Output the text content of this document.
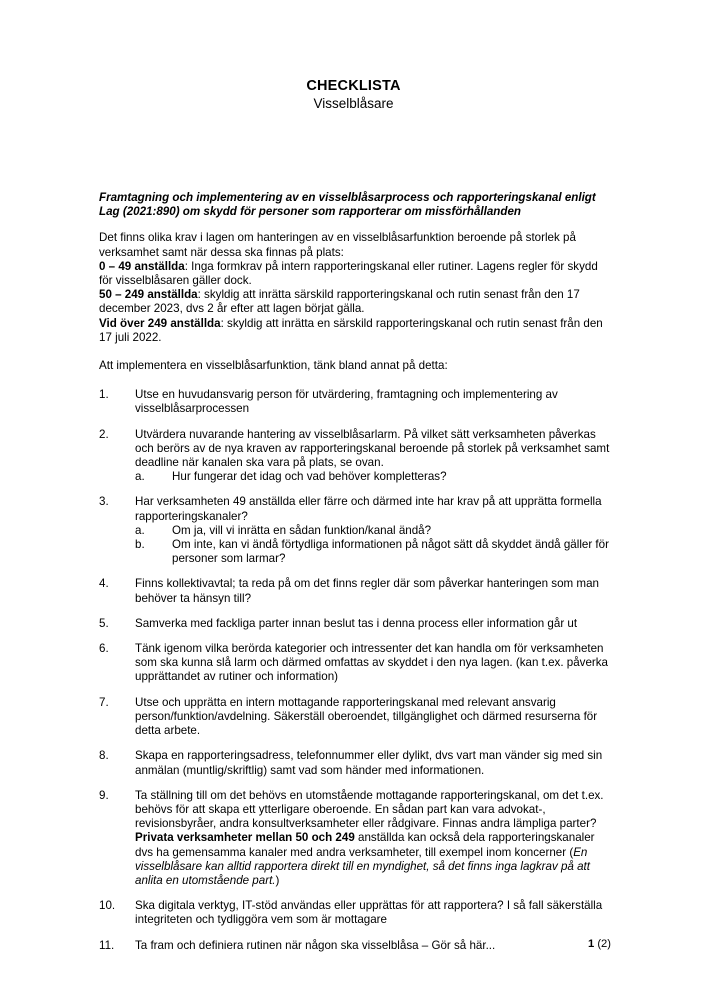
CHECKLISTA
Visselblåsare
Framtagning och implementering av en visselblåsarprocess och rapporteringskanal enligt Lag (2021:890) om skydd för personer som rapporterar om missförhållanden

Det finns olika krav i lagen om hanteringen av en visselblåsarfunktion beroende på storlek på verksamhet samt när dessa ska finnas på plats:

0 – 49 anställda: Inga formkrav på intern rapporteringskanal eller rutiner. Lagens regler för skydd för visselblåsaren gäller dock.

50 – 249 anställda: skyldig att inrätta särskild rapporteringskanal och rutin senast från den 17 december 2023, dvs 2 år efter att lagen börjat gälla.

Vid över 249 anställda: skyldig att inrätta en särskild rapporteringskanal och rutin senast från den 17 juli 2022.

Att implementera en visselblåsarfunktion, tänk bland annat på detta:

1.	Utse en huvudansvarig person för utvärdering, framtagning och implementering av visselblåsarprocessen
2.	Utvärdera nuvarande hantering av visselblåsarlarm. På vilket sätt verksamheten påverkas och berörs av de nya kraven av rapporteringskanal beroende på storlek på verksamhet samt deadline när kanalen ska vara på plats, se ovan.
a.	Hur fungerar det idag och vad behöver kompletteras?
3.	Har verksamheten 49 anställda eller färre och därmed inte har krav på att upprätta formella rapporteringskanaler?
a.	Om ja, vill vi inrätta en sådan funktion/kanal ändå?
b.	Om inte, kan vi ändå förtydliga informationen på något sätt då skyddet ändå gäller för personer som larmar?
4.	Finns kollektivavtal; ta reda på om det finns regler där som påverkar hanteringen som man behöver ta hänsyn till?
5.	Samverka med fackliga parter innan beslut tas i denna process eller information går ut
6.	Tänk igenom vilka berörda kategorier och intressenter det kan handla om för verksamheten som ska kunna slå larm och därmed omfattas av skyddet i den nya lagen. (kan t.ex. påverka upprättandet av rutiner och information)
7.	Utse och upprätta en intern mottagande rapporteringskanal med relevant ansvarig person/funktion/avdelning. Säkerställ oberoendet, tillgänglighet och därmed resurserna för detta arbete.
8.	Skapa en rapporteringsadress, telefonnummer eller dylikt, dvs vart man vänder sig med sin anmälan (muntlig/skriftlig) samt vad som händer med informationen.
9.	Ta ställning till om det behövs en utomstående mottagande rapporteringskanal, om det t.ex. behövs för att skapa ett ytterligare oberoende. En sådan part kan vara advokat-, revisionsbyråer, andra konsultverksamheter eller rådgivare. Finnas andra lämpliga parter? Privata verksamheter mellan 50 och 249 anställda kan också dela rapporteringskanaler dvs ha gemensamma kanaler med andra verksamheter, till exempel inom koncerner (En visselblåsare kan alltid rapportera direkt till en myndighet, så det finns inga lagkrav på att anlita en utomstående part.)
10.	Ska digitala verktyg, IT-stöd användas eller upprättas för att rapportera? I så fall säkerställa integriteten och tydliggöra vem som är mottagare
11.	Ta fram och definiera rutinen när någon ska visselblåsa – Gör så här...	1 (2)
